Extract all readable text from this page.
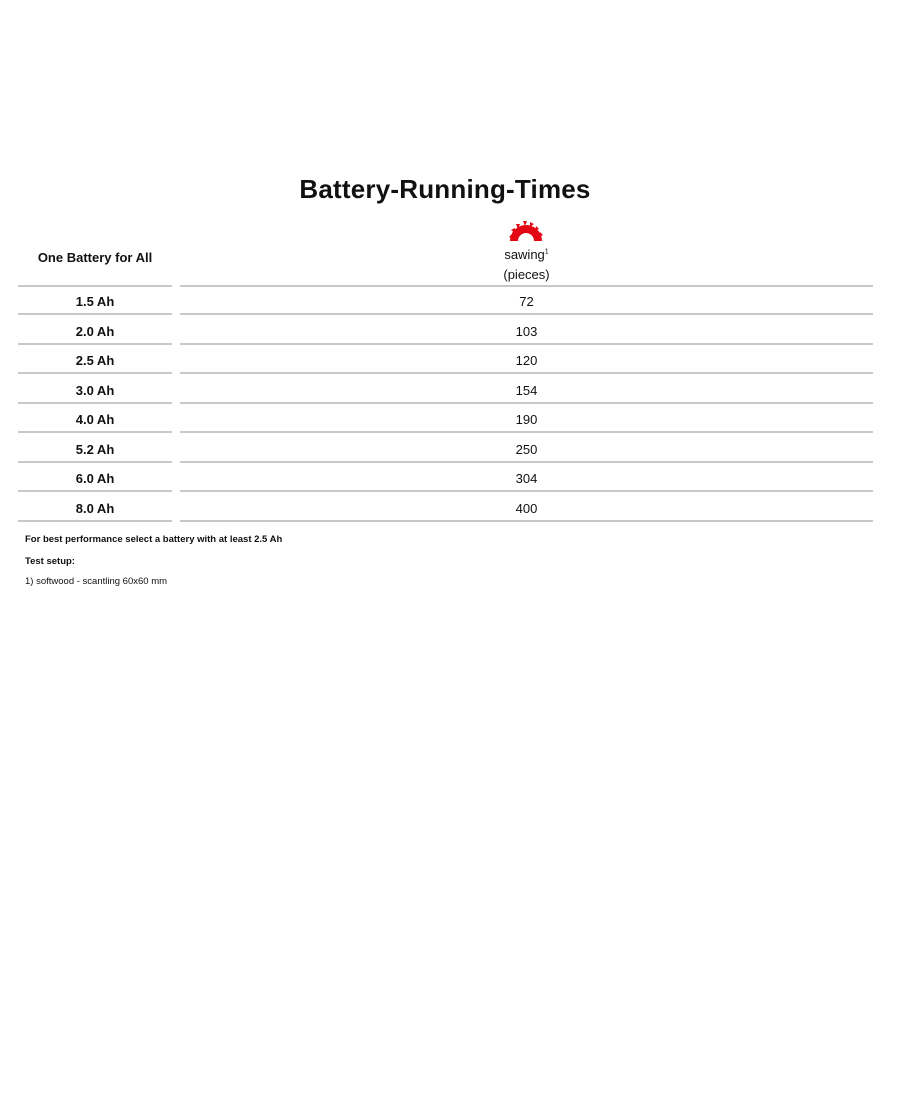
Battery-Running-Times
One Battery for All	sawing$^1$
(pieces)
1.5 Ah	72
2.0 Ah	103
2.5 Ah	120
3.0 Ah	154
4.0 Ah	190
5.2 Ah	250
6.0 Ah	304
8.0 Ah	400
For best performance select a battery with at least 2.5 Ah
Test setup:
1) softwood - scantling 60x60 mm
